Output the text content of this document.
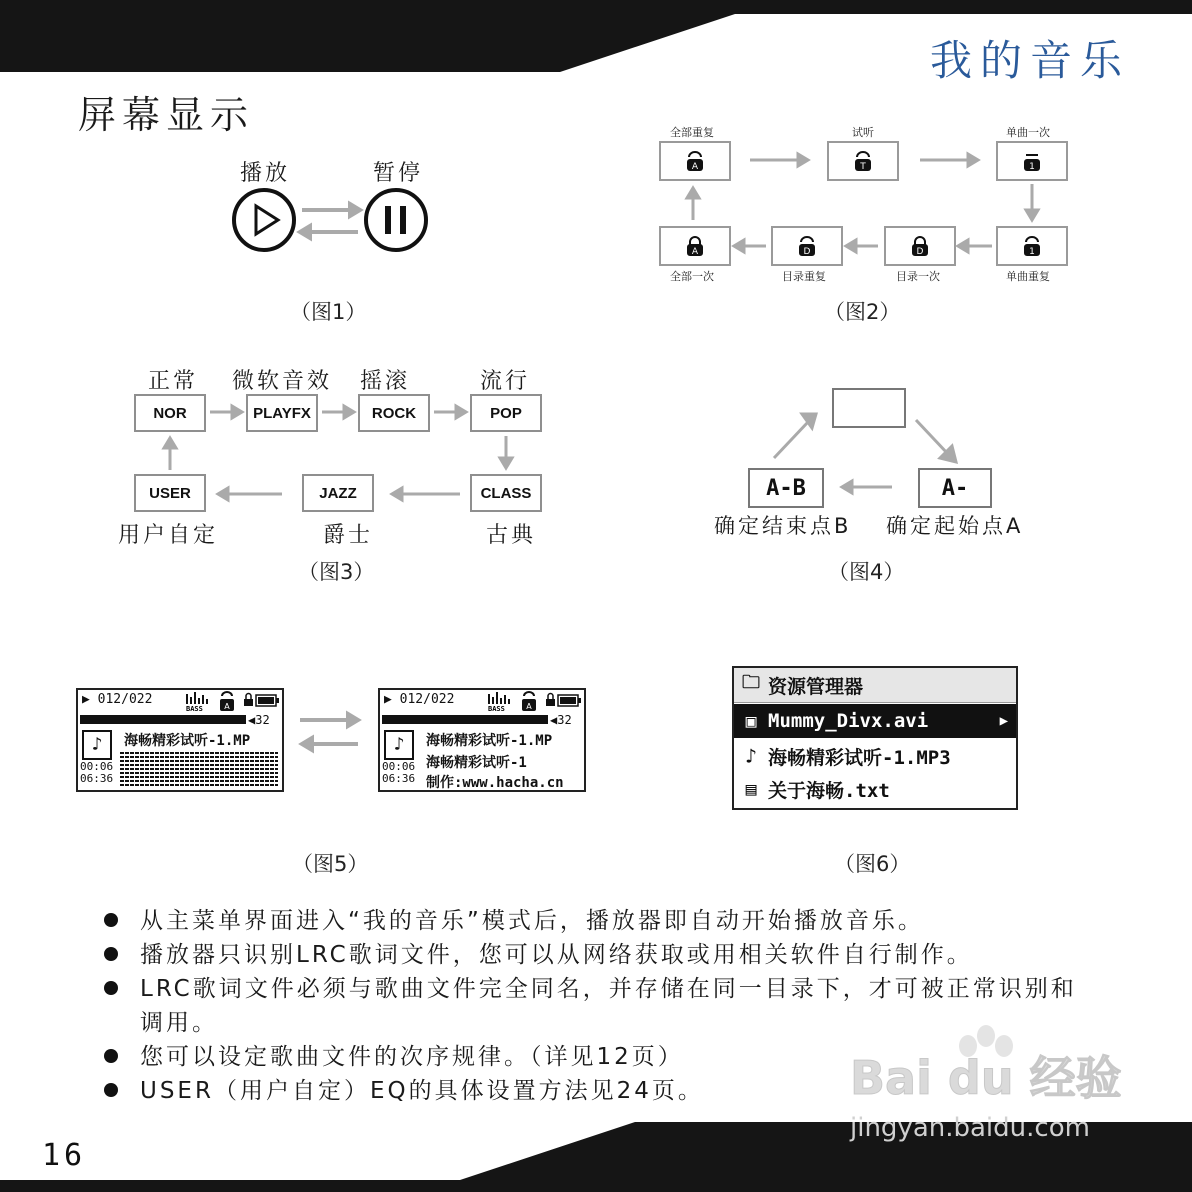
我的音乐
屏幕显示
播放	暂停
（图1）
全部重复	试听	单曲一次
单曲重复
目录一次
目录重复
全部一次
A	T	1
1
D
D
A
（图2）
正常 微软音效 摇滚	流行
古典
爵士
用户自定
NOR	PLAYFX	ROCK	POP
CLASS
JAZZ
USER
（图3）
A-B	A-
确定结束点B 确定起始点A
（图4）
▶ 012/022
BASS	A
◀32
♪	海畅精彩试听-1.MP
00:06
06:36
▶ 012/022
BASS	A
◀32
♪	海畅精彩试听-1.MP
海畅精彩试听-1
制作:www.hacha.cn
00:06
06:36
（图5）
🗀 资源管理器
▣ Mummy_Divx.avi	▶
♪ 海畅精彩试听-1.MP3
▤ 关于海畅.txt
（图6）
从主菜单界面进入“我的音乐”模式后，播放器即自动开始播放音乐。
播放器只识别LRC歌词文件，您可以从网络获取或用相关软件自行制作。
LRC歌词文件必须与歌曲文件完全同名，并存储在同一目录下，才可被正常识别和调用。
您可以设定歌曲文件的次序规律。（详见12页）
USER（用户自定）EQ的具体设置方法见24页。	Bai du 经验
jingyan.baidu.com
16
